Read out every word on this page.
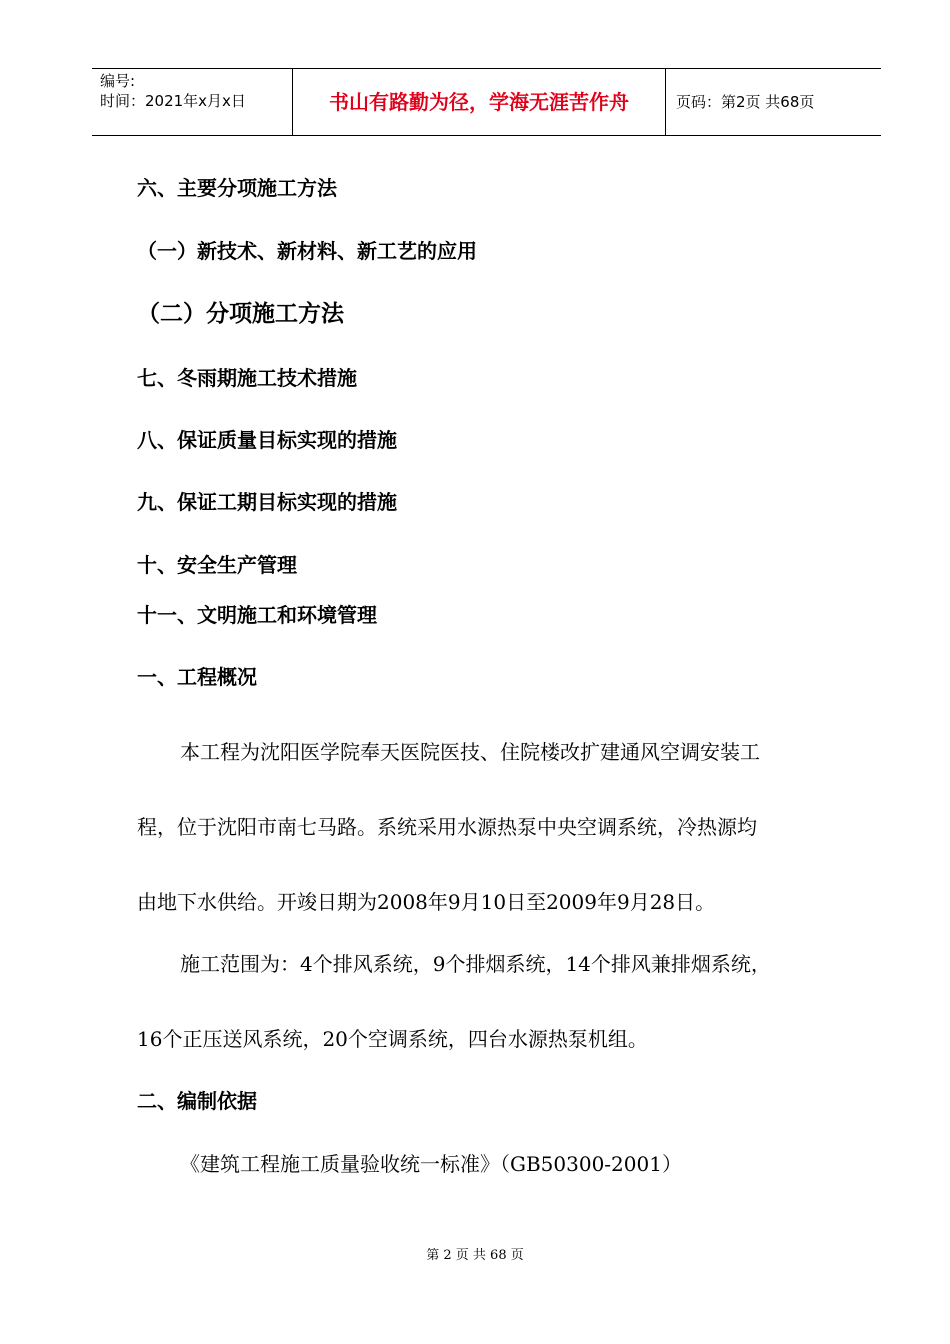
编号:
时间：2021年x月x日	书山有路勤为径，学海无涯苦作舟	页码：第2页 共68页
六、主要分项施工方法
（一）新技术、新材料、新工艺的应用
（二）分项施工方法
七、冬雨期施工技术措施
八、保证质量目标实现的措施
九、保证工期目标实现的措施
十、安全生产管理
十一、文明施工和环境管理
一、工程概况
本工程为沈阳医学院奉天医院医技、住院楼改扩建通风空调安装工
程，位于沈阳市南七马路。系统采用水源热泵中央空调系统，冷热源均
由地下水供给。开竣日期为2008年9月10日至2009年9月28日。
施工范围为：4个排风系统，9个排烟系统，14个排风兼排烟系统，
16个正压送风系统，20个空调系统，四台水源热泵机组。
二、编制依据
《建筑工程施工质量验收统一标准》（GB50300-2001）
第 2 页 共 68 页
